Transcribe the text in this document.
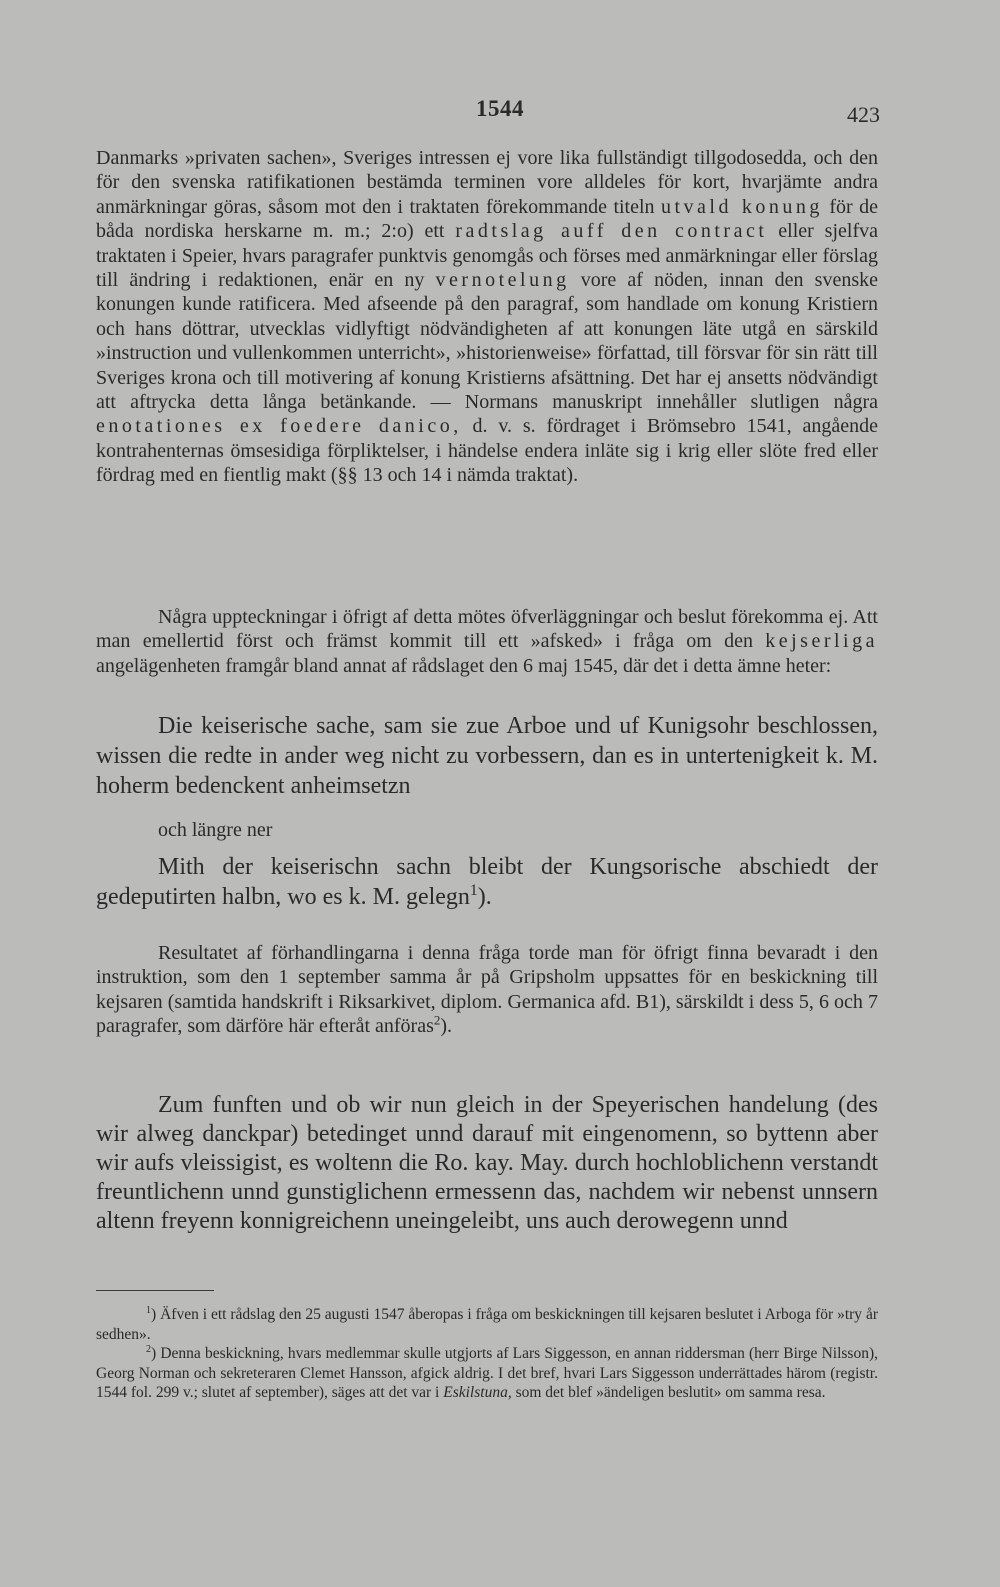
1544	423

Danmarks »privaten sachen», Sveriges intressen ej vore lika fullständigt tillgodosedda, och den för den svenska ratifikationen bestämda terminen vore alldeles för kort, hvarjämte andra anmärkningar göras, såsom mot den i traktaten förekommande titeln utvald konung för de båda nordiska herskarne m. m.; 2:o) ett radtslag auff den contract eller sjelfva traktaten i Speier, hvars paragrafer punktvis genomgås och förses med anmärkningar eller förslag till ändring i redaktionen, enär en ny vernotelung vore af nöden, innan den svenske konungen kunde ratificera. Med afseende på den paragraf, som handlade om konung Kristiern och hans döttrar, utvecklas vidlyftigt nödvändigheten af att konungen läte utgå en särskild »instruction und vullenkommen unterricht», »historienweise» författad, till försvar för sin rätt till Sveriges krona och till motivering af konung Kristierns afsättning. Det har ej ansetts nödvändigt att aftrycka detta långa betänkande. — Normans manuskript innehåller slutligen några enotationes ex foedere danico, d. v. s. fördraget i Brömsebro 1541, angående kontrahenternas ömsesidiga förpliktelser, i händelse endera inläte sig i krig eller slöte fred eller fördrag med en fientlig makt (§§ 13 och 14 i nämda traktat).

Några uppteckningar i öfrigt af detta mötes öfverläggningar och beslut förekomma ej. Att man emellertid först och främst kommit till ett »afsked» i fråga om den kejserliga angelägenheten framgår bland annat af rådslaget den 6 maj 1545, där det i detta ämne heter:

Die keiserische sache, sam sie zue Arboe und uf Kunigsohr beschlossen, wissen die redte in ander weg nicht zu vorbessern, dan es in untertenigkeit k. M. hoherm bedenckent anheimsetzn

och längre ner

Mith der keiserischn sachn bleibt der Kungsorische abschiedt der gedeputirten halbn, wo es k. M. gelegn$^1$).

Resultatet af förhandlingarna i denna fråga torde man för öfrigt finna bevaradt i den instruktion, som den 1 september samma år på Gripsholm uppsattes för en beskickning till kejsaren (samtida handskrift i Riksarkivet, diplom. Germanica afd. B1), särskildt i dess 5, 6 och 7 paragrafer, som därföre här efteråt anföras$^2$).

Zum funften und ob wir nun gleich in der Speyerischen handelung (des wir alweg danckpar) betedinget unnd darauf mit eingenomenn, so byttenn aber wir aufs vleissigist, es woltenn die Ro. kay. May. durch hochloblichenn verstandt freuntlichenn unnd gunstiglichenn ermessenn das, nachdem wir nebenst unnsern altenn freyenn konnigreichenn uneingeleibt, uns auch derowegenn unnd

$^1$) Äfven i ett rådslag den 25 augusti 1547 åberopas i fråga om beskickningen till kejsaren beslutet i Arboga för »try år sedhen».

$^2$) Denna beskickning, hvars medlemmar skulle utgjorts af Lars Siggesson, en annan riddersman (herr Birge Nilsson), Georg Norman och sekreteraren Clemet Hansson, afgick aldrig. I det bref, hvari Lars Siggesson underrättades härom (registr. 1544 fol. 299 v.; slutet af september), säges att det var i Eskilstuna, som det blef »ändeligen beslutit» om samma resa.
